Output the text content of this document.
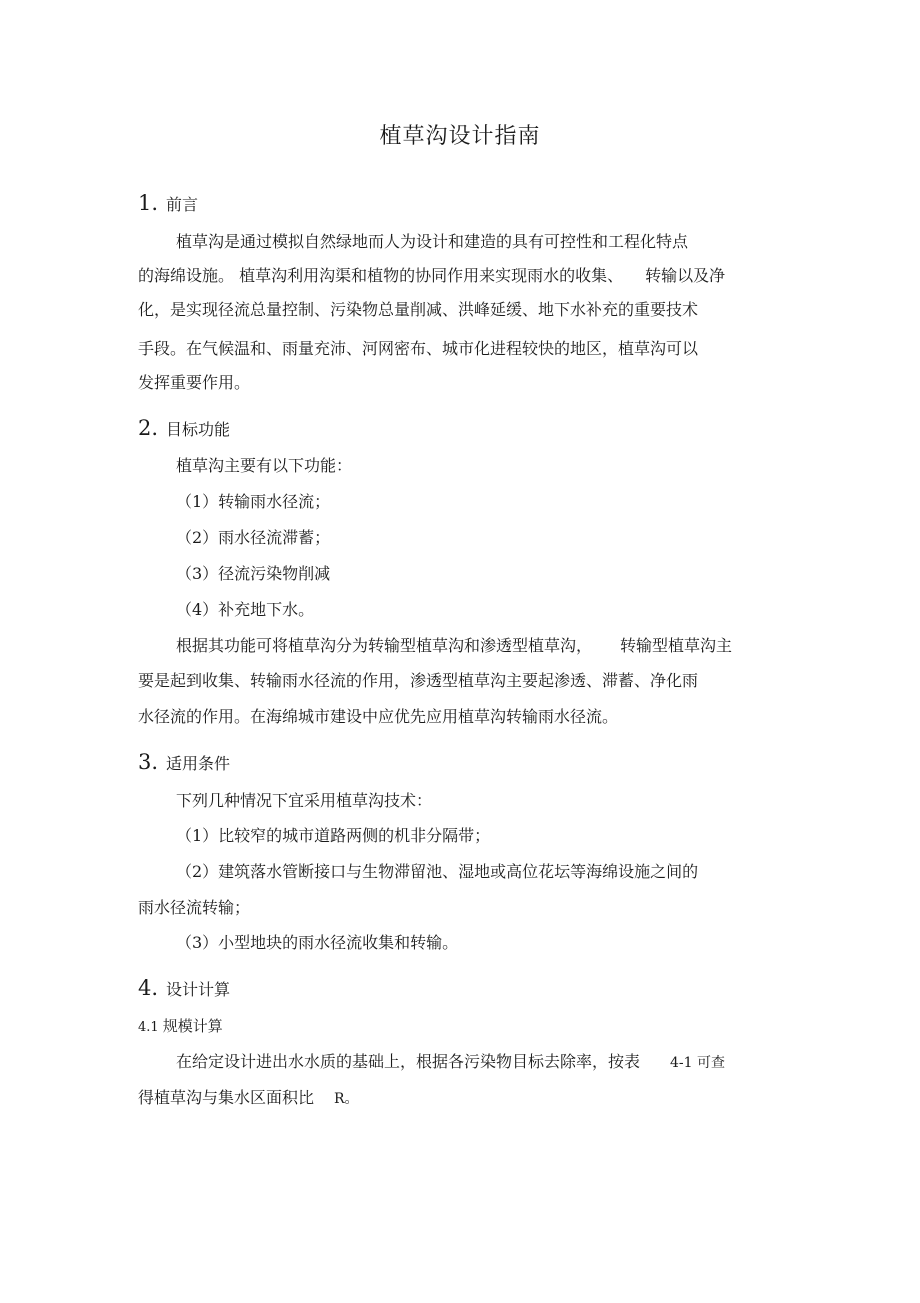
植草沟设计指南
1. 前言
植草沟是通过模拟自然绿地而人为设计和建造的具有可控性和工程化特点
的海绵设施。 植草沟利用沟渠和植物的协同作用来实现雨水的收集、 转输以及净
化，是实现径流总量控制、污染物总量削减、洪峰延缓、地下水补充的重要技术
手段。在气候温和、雨量充沛、河网密布、城市化进程较快的地区，植草沟可以
发挥重要作用。
2. 目标功能
植草沟主要有以下功能：
（1）转输雨水径流；
（2）雨水径流滞蓄；
（3）径流污染物削减
（4）补充地下水。
根据其功能可将植草沟分为转输型植草沟和渗透型植草沟， 转输型植草沟主
要是起到收集、转输雨水径流的作用，渗透型植草沟主要起渗透、滞蓄、净化雨
水径流的作用。在海绵城市建设中应优先应用植草沟转输雨水径流。
3. 适用条件
下列几种情况下宜采用植草沟技术：
（1）比较窄的城市道路两侧的机非分隔带；
（2）建筑落水管断接口与生物滞留池、湿地或高位花坛等海绵设施之间的
雨水径流转输；
（3）小型地块的雨水径流收集和转输。
4. 设计计算
4.1 规模计算
在给定设计进出水水质的基础上，根据各污染物目标去除率，按表 4-1 可查
得植草沟与集水区面积比 R。
